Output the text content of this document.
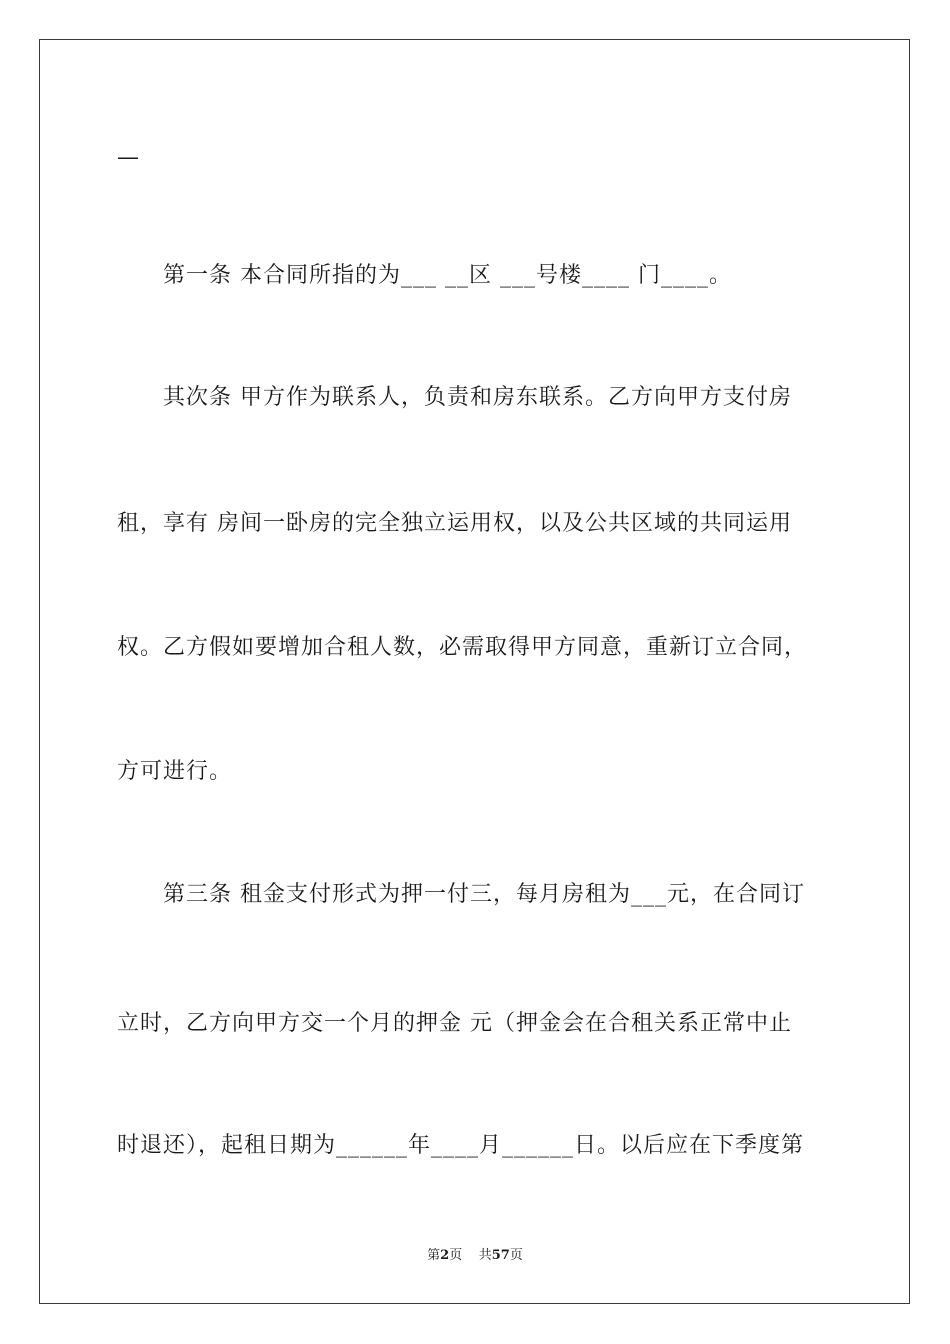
—
第一条 本合同所指的为___ __区 ___号楼____ 门____。
其次条 甲方作为联系人，负责和房东联系。乙方向甲方支付房
租，享有 房间一卧房的完全独立运用权，以及公共区域的共同运用
权。乙方假如要增加合租人数，必需取得甲方同意，重新订立合同，
方可进行。
第三条 租金支付形式为押一付三，每月房租为___元，在合同订
立时，乙方向甲方交一个月的押金 元（押金会在合租关系正常中止
时退还），起租日期为______年____月______日。以后应在下季度第
第2页    共57页
